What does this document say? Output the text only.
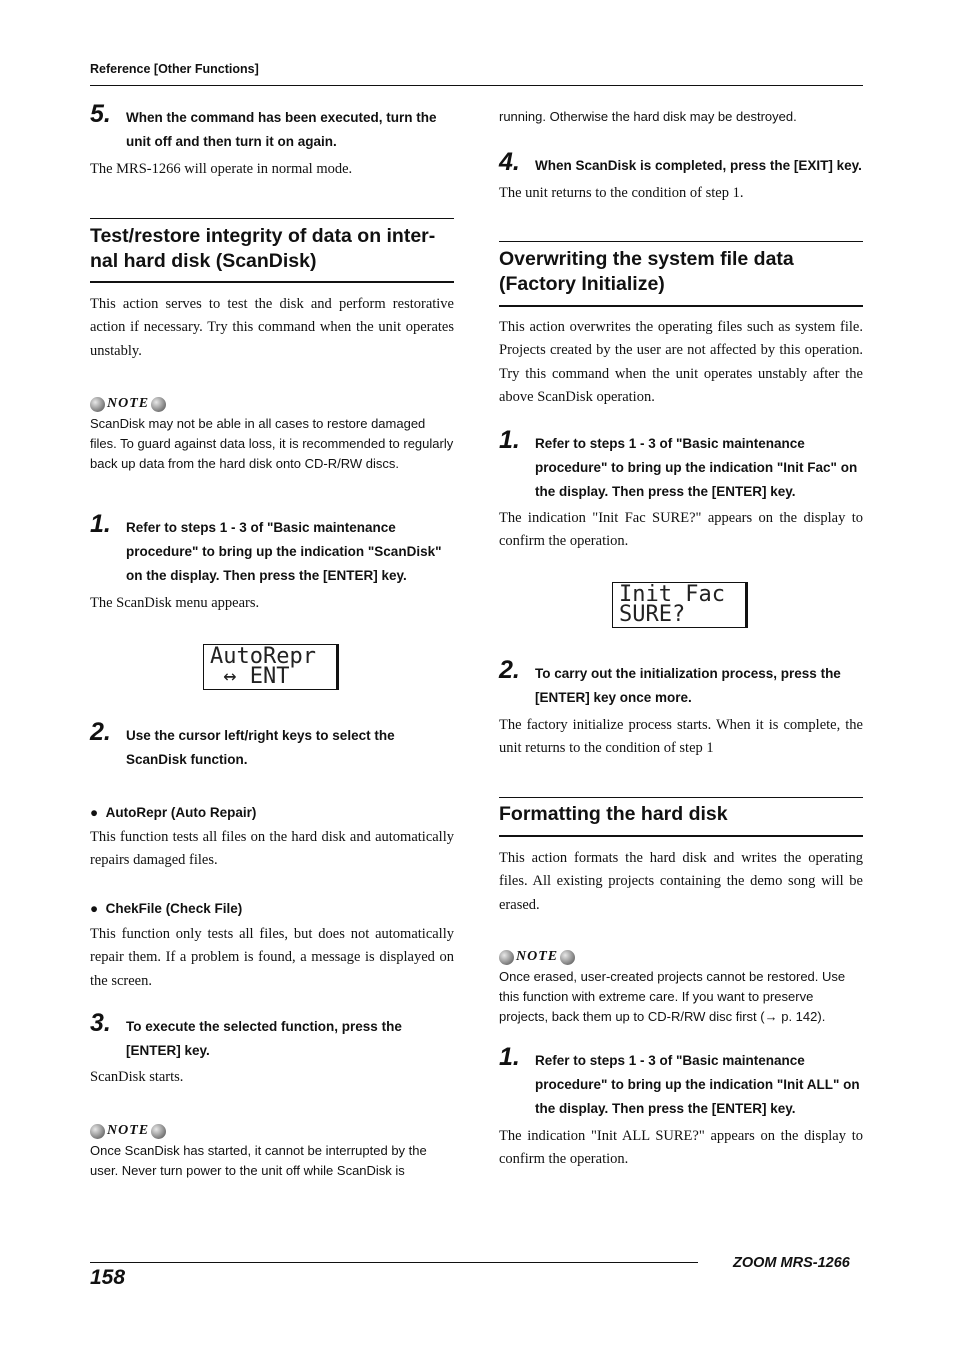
Reference [Other Functions]
5. When the command has been executed, turn the unit off and then turn it on again.
The MRS-1266 will operate in normal mode.
Test/restore integrity of data on inter-
nal hard disk (ScanDisk)
This action serves to test the disk and perform restorative action if necessary. Try this command when the unit operates unstably.
NOTE
ScanDisk may not be able in all cases to restore damaged files. To guard against data loss, it is recommended to regularly back up data from the hard disk onto CD-R/RW discs.
1. Refer to steps 1 - 3 of "Basic maintenance procedure" to bring up the indication "ScanDisk" on the display. Then press the [ENTER] key.
The ScanDisk menu appears.
AutoRepr
↔ ENT
2. Use the cursor left/right keys to select the ScanDisk function.
● AutoRepr (Auto Repair)
This function tests all files on the hard disk and automatically repairs damaged files.
● ChekFile (Check File)
This function only tests all files, but does not automatically repair them. If a problem is found, a message is displayed on the screen.
3. To execute the selected function, press the [ENTER] key.
ScanDisk starts.
NOTE
Once ScanDisk has started, it cannot be interrupted by the user. Never turn power to the unit off while ScanDisk is
running. Otherwise the hard disk may be destroyed.
4. When ScanDisk is completed, press the [EXIT] key.
The unit returns to the condition of step 1.
Overwriting the system file data
(Factory Initialize)
This action overwrites the operating files such as system file. Projects created by the user are not affected by this operation. Try this command when the unit operates unstably after the above ScanDisk operation.
1. Refer to steps 1 - 3 of "Basic maintenance procedure" to bring up the indication "Init Fac" on the display. Then press the [ENTER] key.
The indication "Init Fac SURE?" appears on the display to confirm the operation.
Init Fac
SURE?
2. To carry out the initialization process, press the [ENTER] key once more.
The factory initialize process starts. When it is complete, the unit returns to the condition of step 1
Formatting the hard disk
This action formats the hard disk and writes the operating files. All existing projects containing the demo song will be erased.
NOTE
Once erased, user-created projects cannot be restored. Use this function with extreme care. If you want to preserve projects, back them up to CD-R/RW disc first (→ p. 142).
1. Refer to steps 1 - 3 of "Basic maintenance procedure" to bring up the indication "Init ALL" on the display. Then press the [ENTER] key.
The indication "Init ALL SURE?" appears on the display to confirm the operation.
158
ZOOM MRS-1266
